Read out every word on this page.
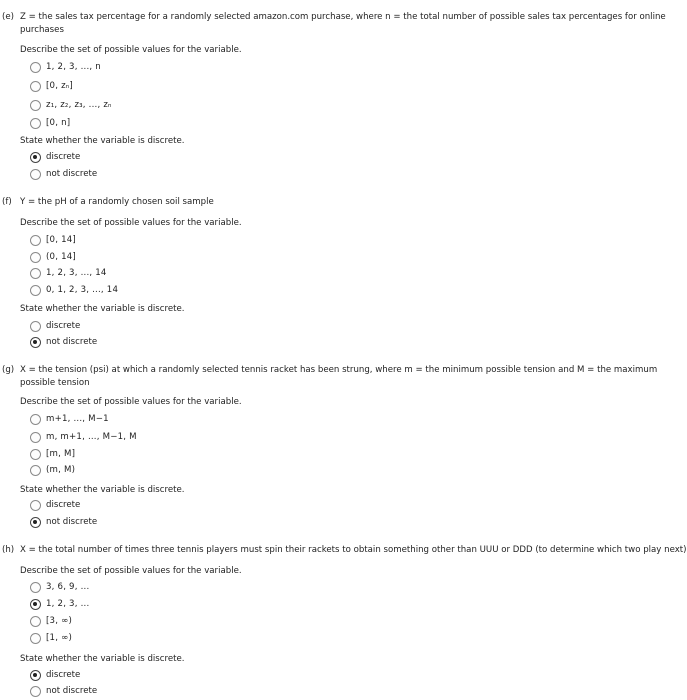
(e) Z = the sales tax percentage for a randomly selected amazon.com purchase, where n = the total number of possible sales tax percentages for online
purchases
Describe the set of possible values for the variable.
1, 2, 3, ..., n
[0, zₙ]
z₁, z₂, z₃, ..., zₙ
[0, n]
State whether the variable is discrete.
discrete
not discrete
(f) Y = the pH of a randomly chosen soil sample
Describe the set of possible values for the variable.
[0, 14]
(0, 14]
1, 2, 3, ..., 14
0, 1, 2, 3, ..., 14
State whether the variable is discrete.
discrete
not discrete
(g) X = the tension (psi) at which a randomly selected tennis racket has been strung, where m = the minimum possible tension and M = the maximum
possible tension
Describe the set of possible values for the variable.
m+1, ..., M−1
m, m+1, ..., M−1, M
[m, M]
(m, M)
State whether the variable is discrete.
discrete
not discrete
(h) X = the total number of times three tennis players must spin their rackets to obtain something other than UUU or DDD (to determine which two play next)
Describe the set of possible values for the variable.
3, 6, 9, ...
1, 2, 3, ...
[3, ∞)
[1, ∞)
State whether the variable is discrete.
discrete
not discrete
